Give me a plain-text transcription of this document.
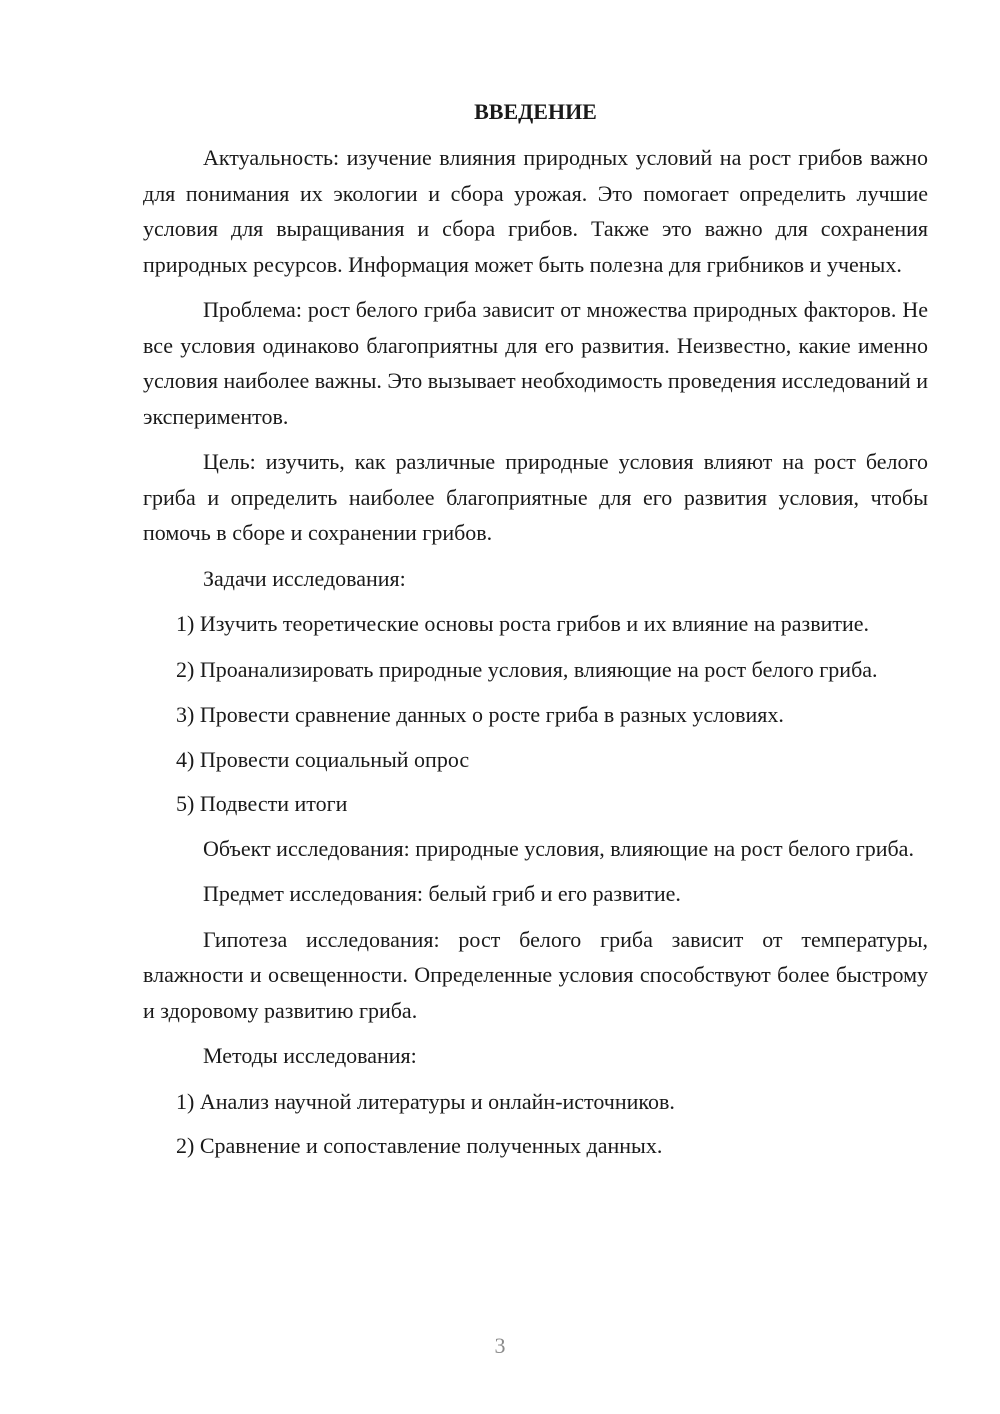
ВВЕДЕНИЕ

Актуальность: изучение влияния природных условий на рост грибов важно для понимания их экологии и сбора урожая. Это помогает определить лучшие условия для выращивания и сбора грибов. Также это важно для сохранения природных ресурсов. Информация может быть полезна для грибников и ученых.

Проблема: рост белого гриба зависит от множества природных факторов. Не все условия одинаково благоприятны для его развития. Неизвестно, какие именно условия наиболее важны. Это вызывает необходимость проведения исследований и экспериментов.

Цель: изучить, как различные природные условия влияют на рост белого гриба и определить наиболее благоприятные для его развития условия, чтобы помочь в сборе и сохранении грибов.

Задачи исследования:

1) Изучить теоретические основы роста грибов и их влияние на развитие.

2) Проанализировать природные условия, влияющие на рост белого гриба.

3) Провести сравнение данных о росте гриба в разных условиях.

4) Провести социальный опрос

5) Подвести итоги

Объект исследования: природные условия, влияющие на рост белого гриба.

Предмет исследования: белый гриб и его развитие.

Гипотеза исследования: рост белого гриба зависит от температуры, влажности и освещенности. Определенные условия способствуют более быстрому и здоровому развитию гриба.

Методы исследования:

1) Анализ научной литературы и онлайн-источников.

2) Сравнение и сопоставление полученных данных.

3
